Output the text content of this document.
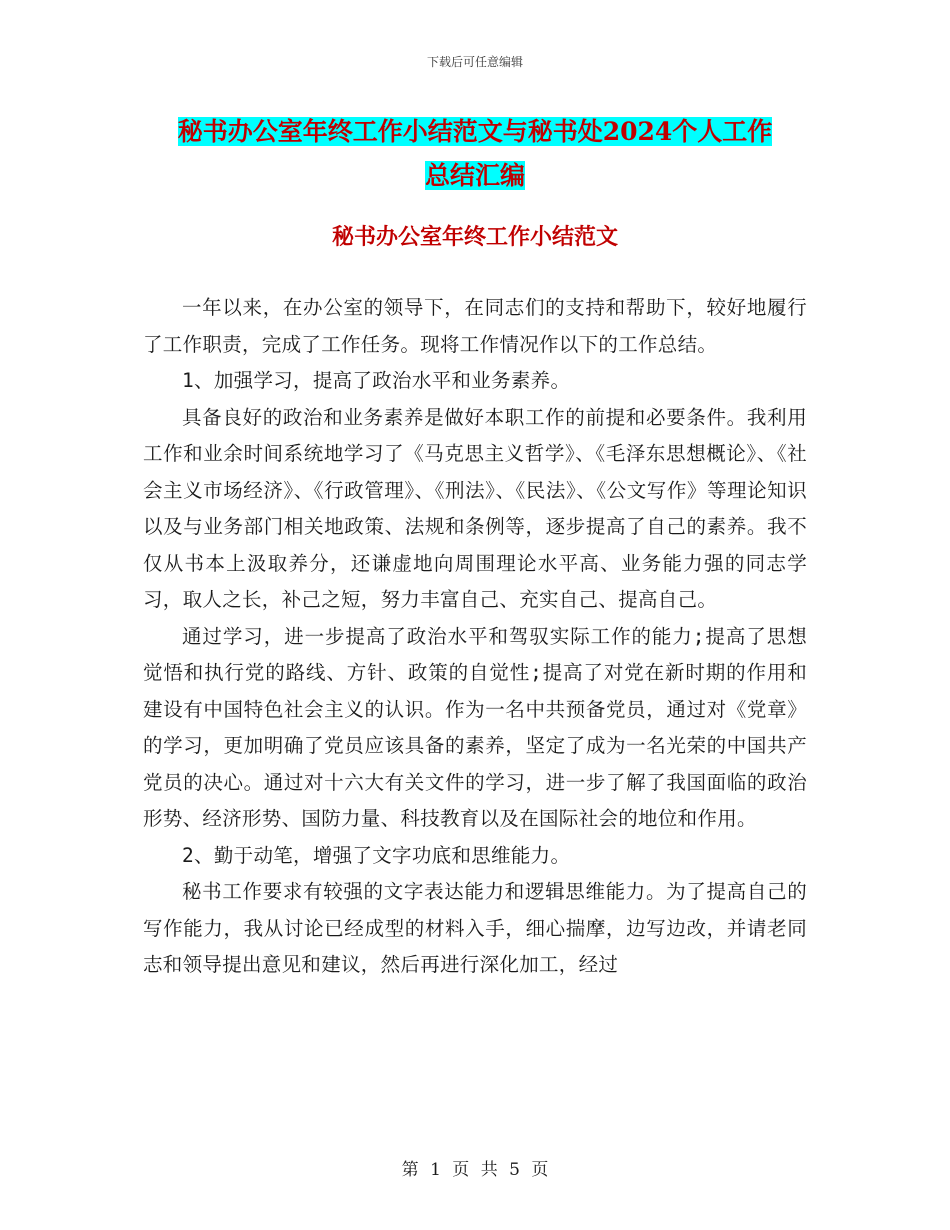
下载后可任意编辑
秘书办公室年终工作小结范文与秘书处2024个人工作
总结汇编
秘书办公室年终工作小结范文

一年以来，在办公室的领导下，在同志们的支持和帮助下，较好地履行了工作职责，完成了工作任务。现将工作情况作以下的工作总结。

1、加强学习，提高了政治水平和业务素养。

具备良好的政治和业务素养是做好本职工作的前提和必要条件。我利用工作和业余时间系统地学习了《马克思主义哲学》、《毛泽东思想概论》、《社会主义市场经济》、《行政管理》、《刑法》、《民法》、《公文写作》等理论知识以及与业务部门相关地政策、法规和条例等，逐步提高了自己的素养。我不仅从书本上汲取养分，还谦虚地向周围理论水平高、业务能力强的同志学习，取人之长，补己之短，努力丰富自己、充实自己、提高自己。

通过学习，进一步提高了政治水平和驾驭实际工作的能力;提高了思想觉悟和执行党的路线、方针、政策的自觉性;提高了对党在新时期的作用和建设有中国特色社会主义的认识。作为一名中共预备党员，通过对《党章》的学习，更加明确了党员应该具备的素养，坚定了成为一名光荣的中国共产党员的决心。通过对十六大有关文件的学习，进一步了解了我国面临的政治形势、经济形势、国防力量、科技教育以及在国际社会的地位和作用。

2、勤于动笔，增强了文字功底和思维能力。

秘书工作要求有较强的文字表达能力和逻辑思维能力。为了提高自己的写作能力，我从讨论已经成型的材料入手，细心揣摩，边写边改，并请老同志和领导提出意见和建议，然后再进行深化加工，经过

第 1 页 共 5 页
